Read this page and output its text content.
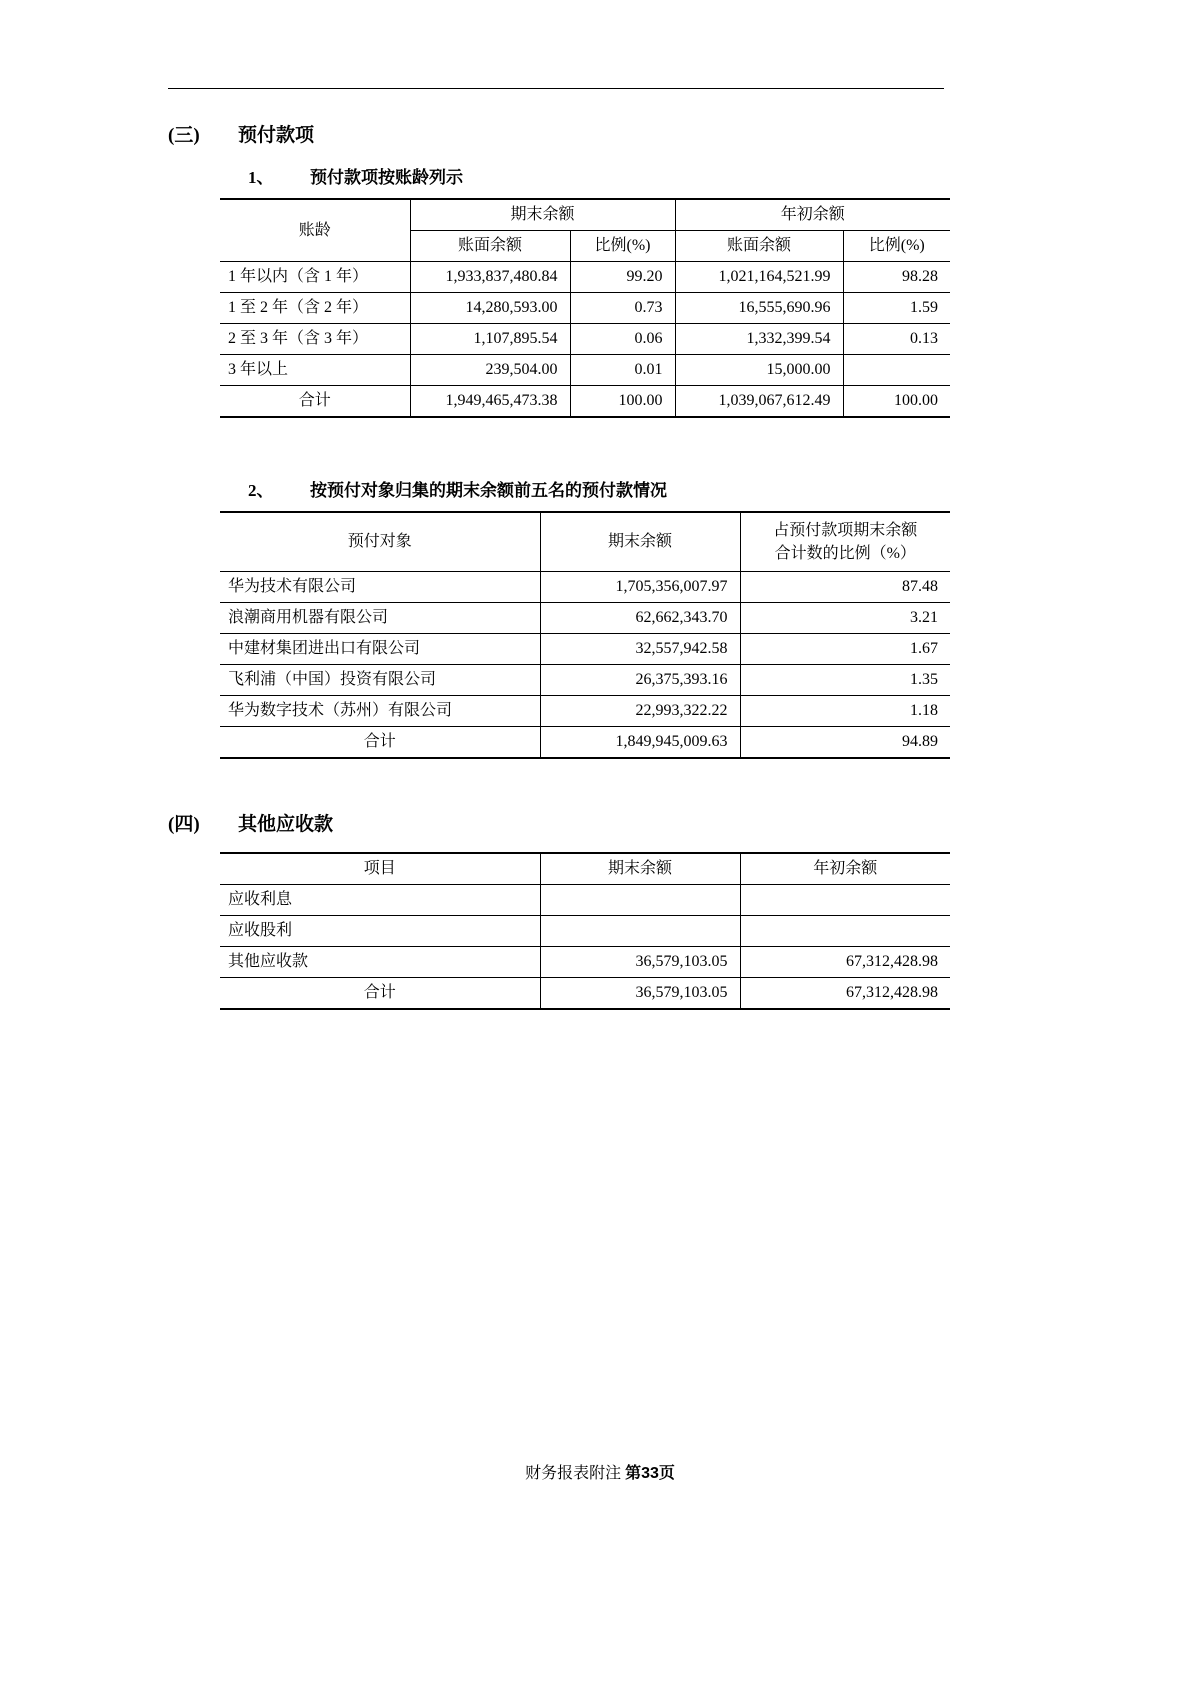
(三)	预付款项
1、	预付款项按账龄列示
账龄	期末余额		年初余额	
	账面余额	比例(%)	账面余额	比例(%)
1 年以内（含 1 年）	1,933,837,480.84	99.20	1,021,164,521.99	98.28
1 至 2 年（含 2 年）	14,280,593.00	0.73	16,555,690.96	1.59
2 至 3 年（含 3 年）	1,107,895.54	0.06	1,332,399.54	0.13
3 年以上	239,504.00	0.01	15,000.00	
合计	1,949,465,473.38	100.00	1,039,067,612.49	100.00
2、	按预付对象归集的期末余额前五名的预付款情况
预付对象	期末余额	占预付款项期末余额
合计数的比例（%）

华为技术有限公司	1,705,356,007.97	87.48
浪潮商用机器有限公司	62,662,343.70	3.21
中建材集团进出口有限公司	32,557,942.58	1.67
飞利浦（中国）投资有限公司	26,375,393.16	1.35
华为数字技术（苏州）有限公司	22,993,322.22	1.18
合计	1,849,945,009.63	94.89
(四)	其他应收款
项目	期末余额	年初余额
应收利息		
应收股利		
其他应收款	36,579,103.05	67,312,428.98
合计	36,579,103.05	67,312,428.98
财务报表附注 第33页
